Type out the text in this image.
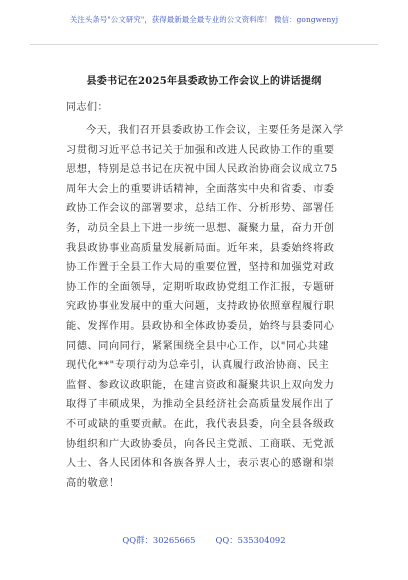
关注头条号"公文研究"，获得最新最全最专业的公文资料库！ 微信：gongwenyj
县委书记在2025年县委政协工作会议上的讲话提纲
同志们：
今天，我们召开县委政协工作会议，主要任务是深入学
习贯彻习近平总书记关于加强和改进人民政协工作的重要
思想，特别是总书记在庆祝中国人民政治协商会议成立75
周年大会上的重要讲话精神，全面落实中央和省委、市委
政协工作会议的部署要求，总结工作、分析形势、部署任
务，动员全县上下进一步统一思想、凝聚力量，奋力开创
我县政协事业高质量发展新局面。近年来，县委始终将政
协工作置于全县工作大局的重要位置，坚持和加强党对政
协工作的全面领导，定期听取政协党组工作汇报，专题研
究政协事业发展中的重大问题，支持政协依照章程履行职
能、发挥作用。县政协和全体政协委员，始终与县委同心
同德、同向同行，紧紧围绕全县中心工作，以"同心共建
现代化**"专项行动为总牵引，认真履行政治协商、民主
监督、参政议政职能，在建言资政和凝聚共识上双向发力
取得了丰硕成果，为推动全县经济社会高质量发展作出了
不可或缺的重要贡献。在此，我代表县委，向全县各级政
协组织和广大政协委员，向各民主党派、工商联、无党派
人士、各人民团体和各族各界人士，表示衷心的感谢和崇
高的敬意！
QQ群：30265665 QQ：535304092
